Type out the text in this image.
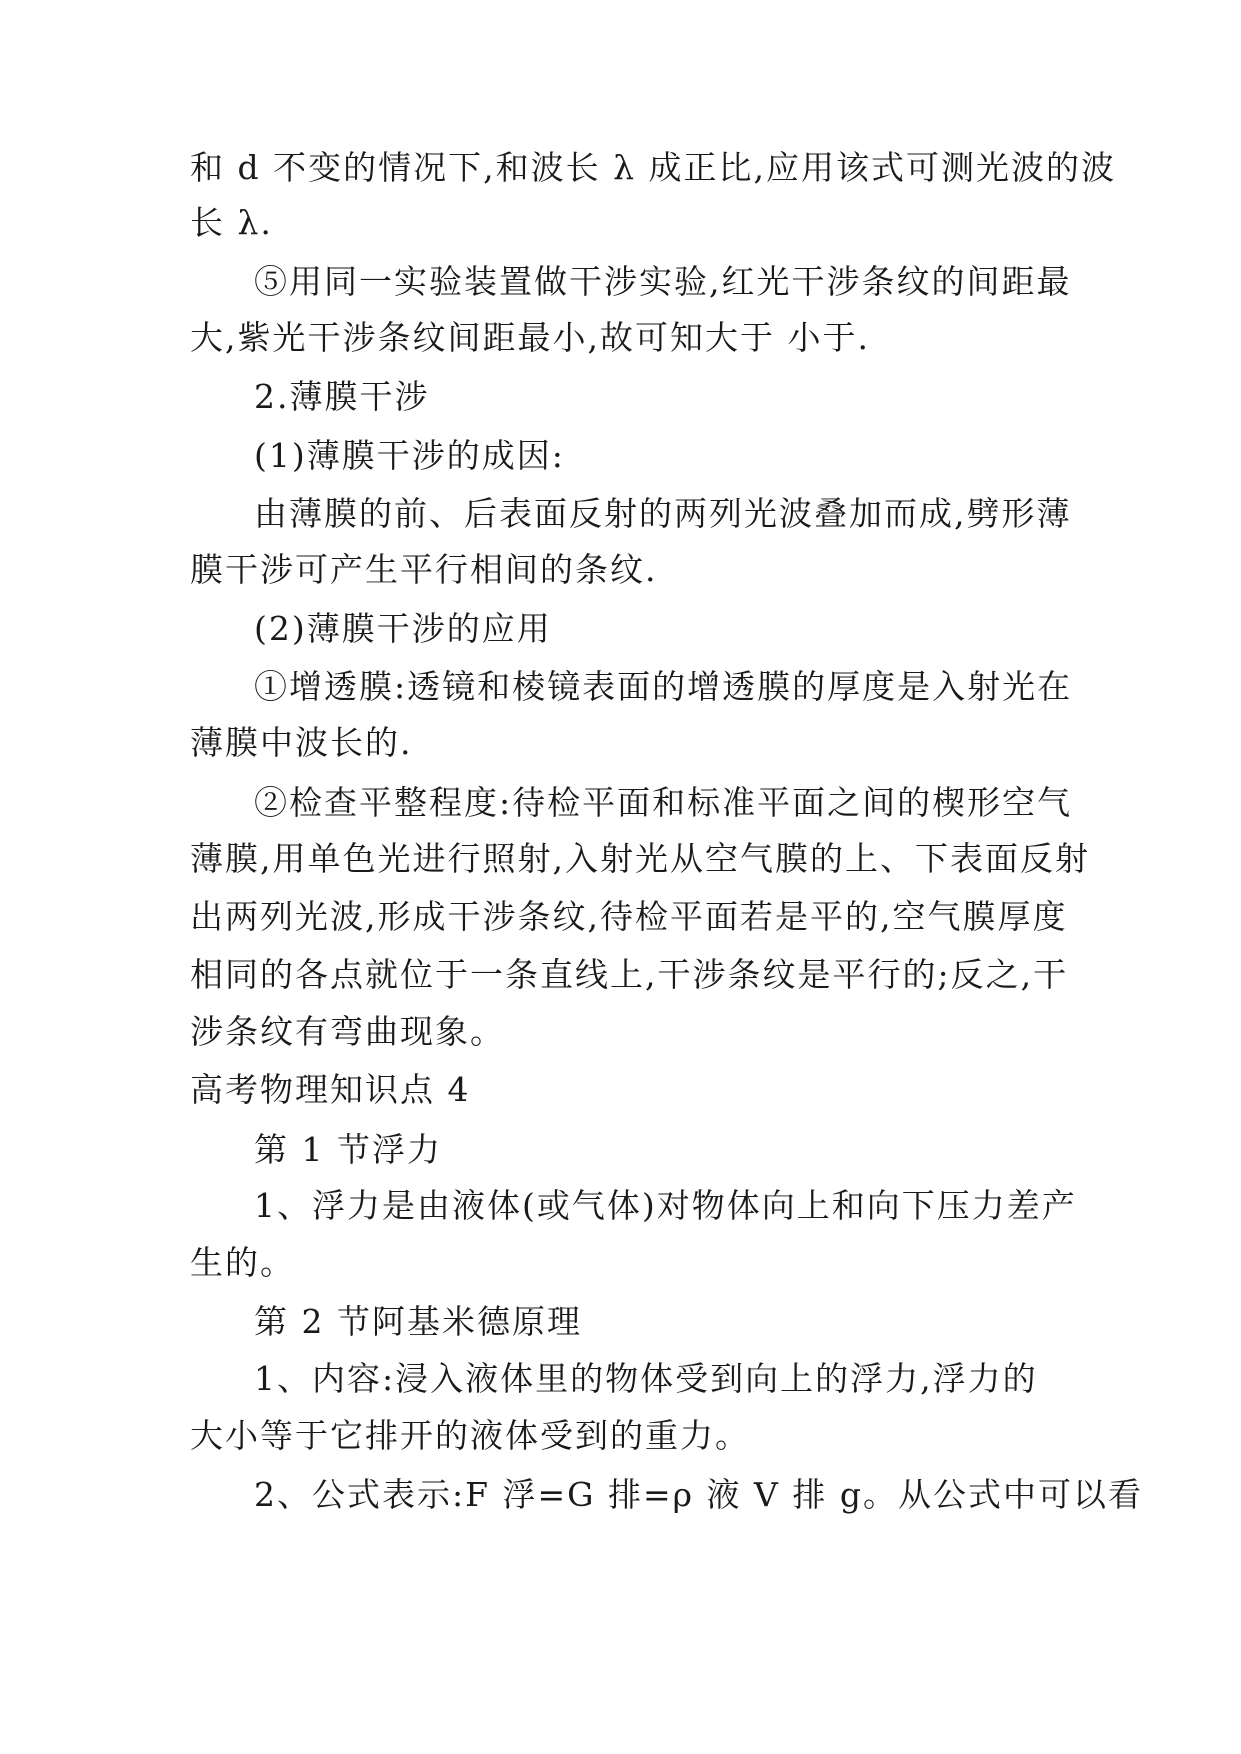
和 d 不变的情况下,和波长 λ 成正比,应用该式可测光波的波
长 λ.
⑤用同一实验装置做干涉实验,红光干涉条纹的间距最
大,紫光干涉条纹间距最小,故可知大于 小于.
2.薄膜干涉
(1)薄膜干涉的成因:
由薄膜的前、后表面反射的两列光波叠加而成,劈形薄
膜干涉可产生平行相间的条纹.
(2)薄膜干涉的应用
①增透膜:透镜和棱镜表面的增透膜的厚度是入射光在
薄膜中波长的.
②检查平整程度:待检平面和标准平面之间的楔形空气
薄膜,用单色光进行照射,入射光从空气膜的上、下表面反射
出两列光波,形成干涉条纹,待检平面若是平的,空气膜厚度
相同的各点就位于一条直线上,干涉条纹是平行的;反之,干
涉条纹有弯曲现象。
高考物理知识点 4
第 1 节浮力
1、浮力是由液体(或气体)对物体向上和向下压力差产
生的。
第 2 节阿基米德原理
1、内容:浸入液体里的物体受到向上的浮力,浮力的
大小等于它排开的液体受到的重力。
2、公式表示:F 浮=G 排=ρ 液 V 排 g。从公式中可以看
